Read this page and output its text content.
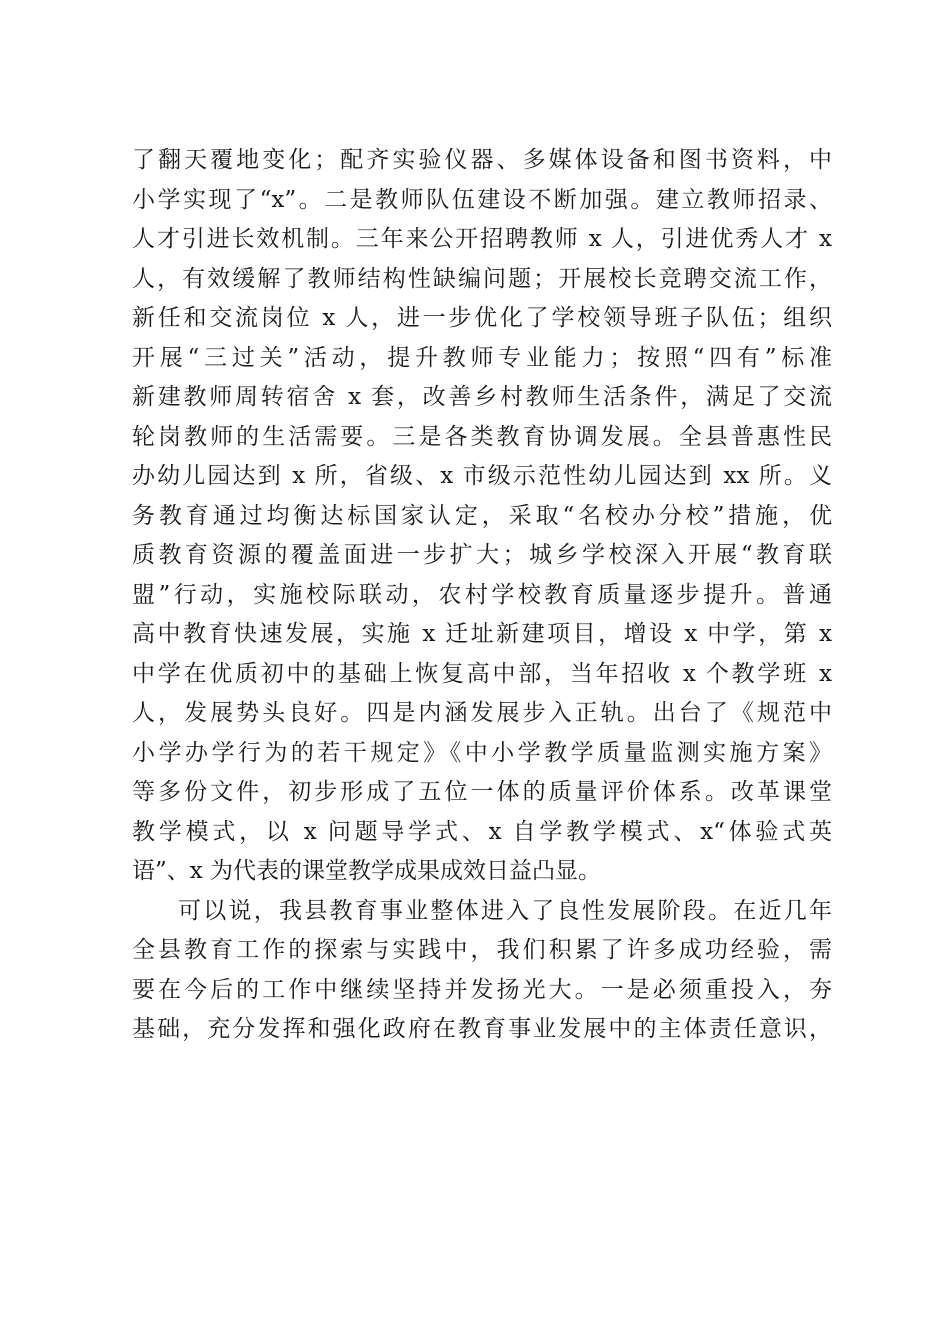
了翻天覆地变化；配齐实验仪器、多媒体设备和图书资料，中
小学实现了“x”。二是教师队伍建设不断加强。建立教师招录、
人才引进长效机制。三年来公开招聘教师 x 人，引进优秀人才 x
人，有效缓解了教师结构性缺编问题；开展校长竞聘交流工作，
新任和交流岗位 x 人，进一步优化了学校领导班子队伍；组织
开展“三过关”活动，提升教师专业能力；按照“四有”标准
新建教师周转宿舍 x 套，改善乡村教师生活条件，满足了交流
轮岗教师的生活需要。三是各类教育协调发展。全县普惠性民
办幼儿园达到 x 所，省级、x 市级示范性幼儿园达到 xx 所。义
务教育通过均衡达标国家认定，采取“名校办分校”措施，优
质教育资源的覆盖面进一步扩大；城乡学校深入开展“教育联
盟”行动，实施校际联动，农村学校教育质量逐步提升。普通
高中教育快速发展，实施 x 迁址新建项目，增设 x 中学，第 x
中学在优质初中的基础上恢复高中部，当年招收 x 个教学班 x
人，发展势头良好。四是内涵发展步入正轨。出台了《规范中
小学办学行为的若干规定》《中小学教学质量监测实施方案》
等多份文件，初步形成了五位一体的质量评价体系。改革课堂
教学模式，以 x 问题导学式、x 自学教学模式、x“体验式英
语”、x 为代表的课堂教学成果成效日益凸显。
可以说，我县教育事业整体进入了良性发展阶段。在近几年
全县教育工作的探索与实践中，我们积累了许多成功经验，需
要在今后的工作中继续坚持并发扬光大。一是必须重投入，夯
基础，充分发挥和强化政府在教育事业发展中的主体责任意识，
